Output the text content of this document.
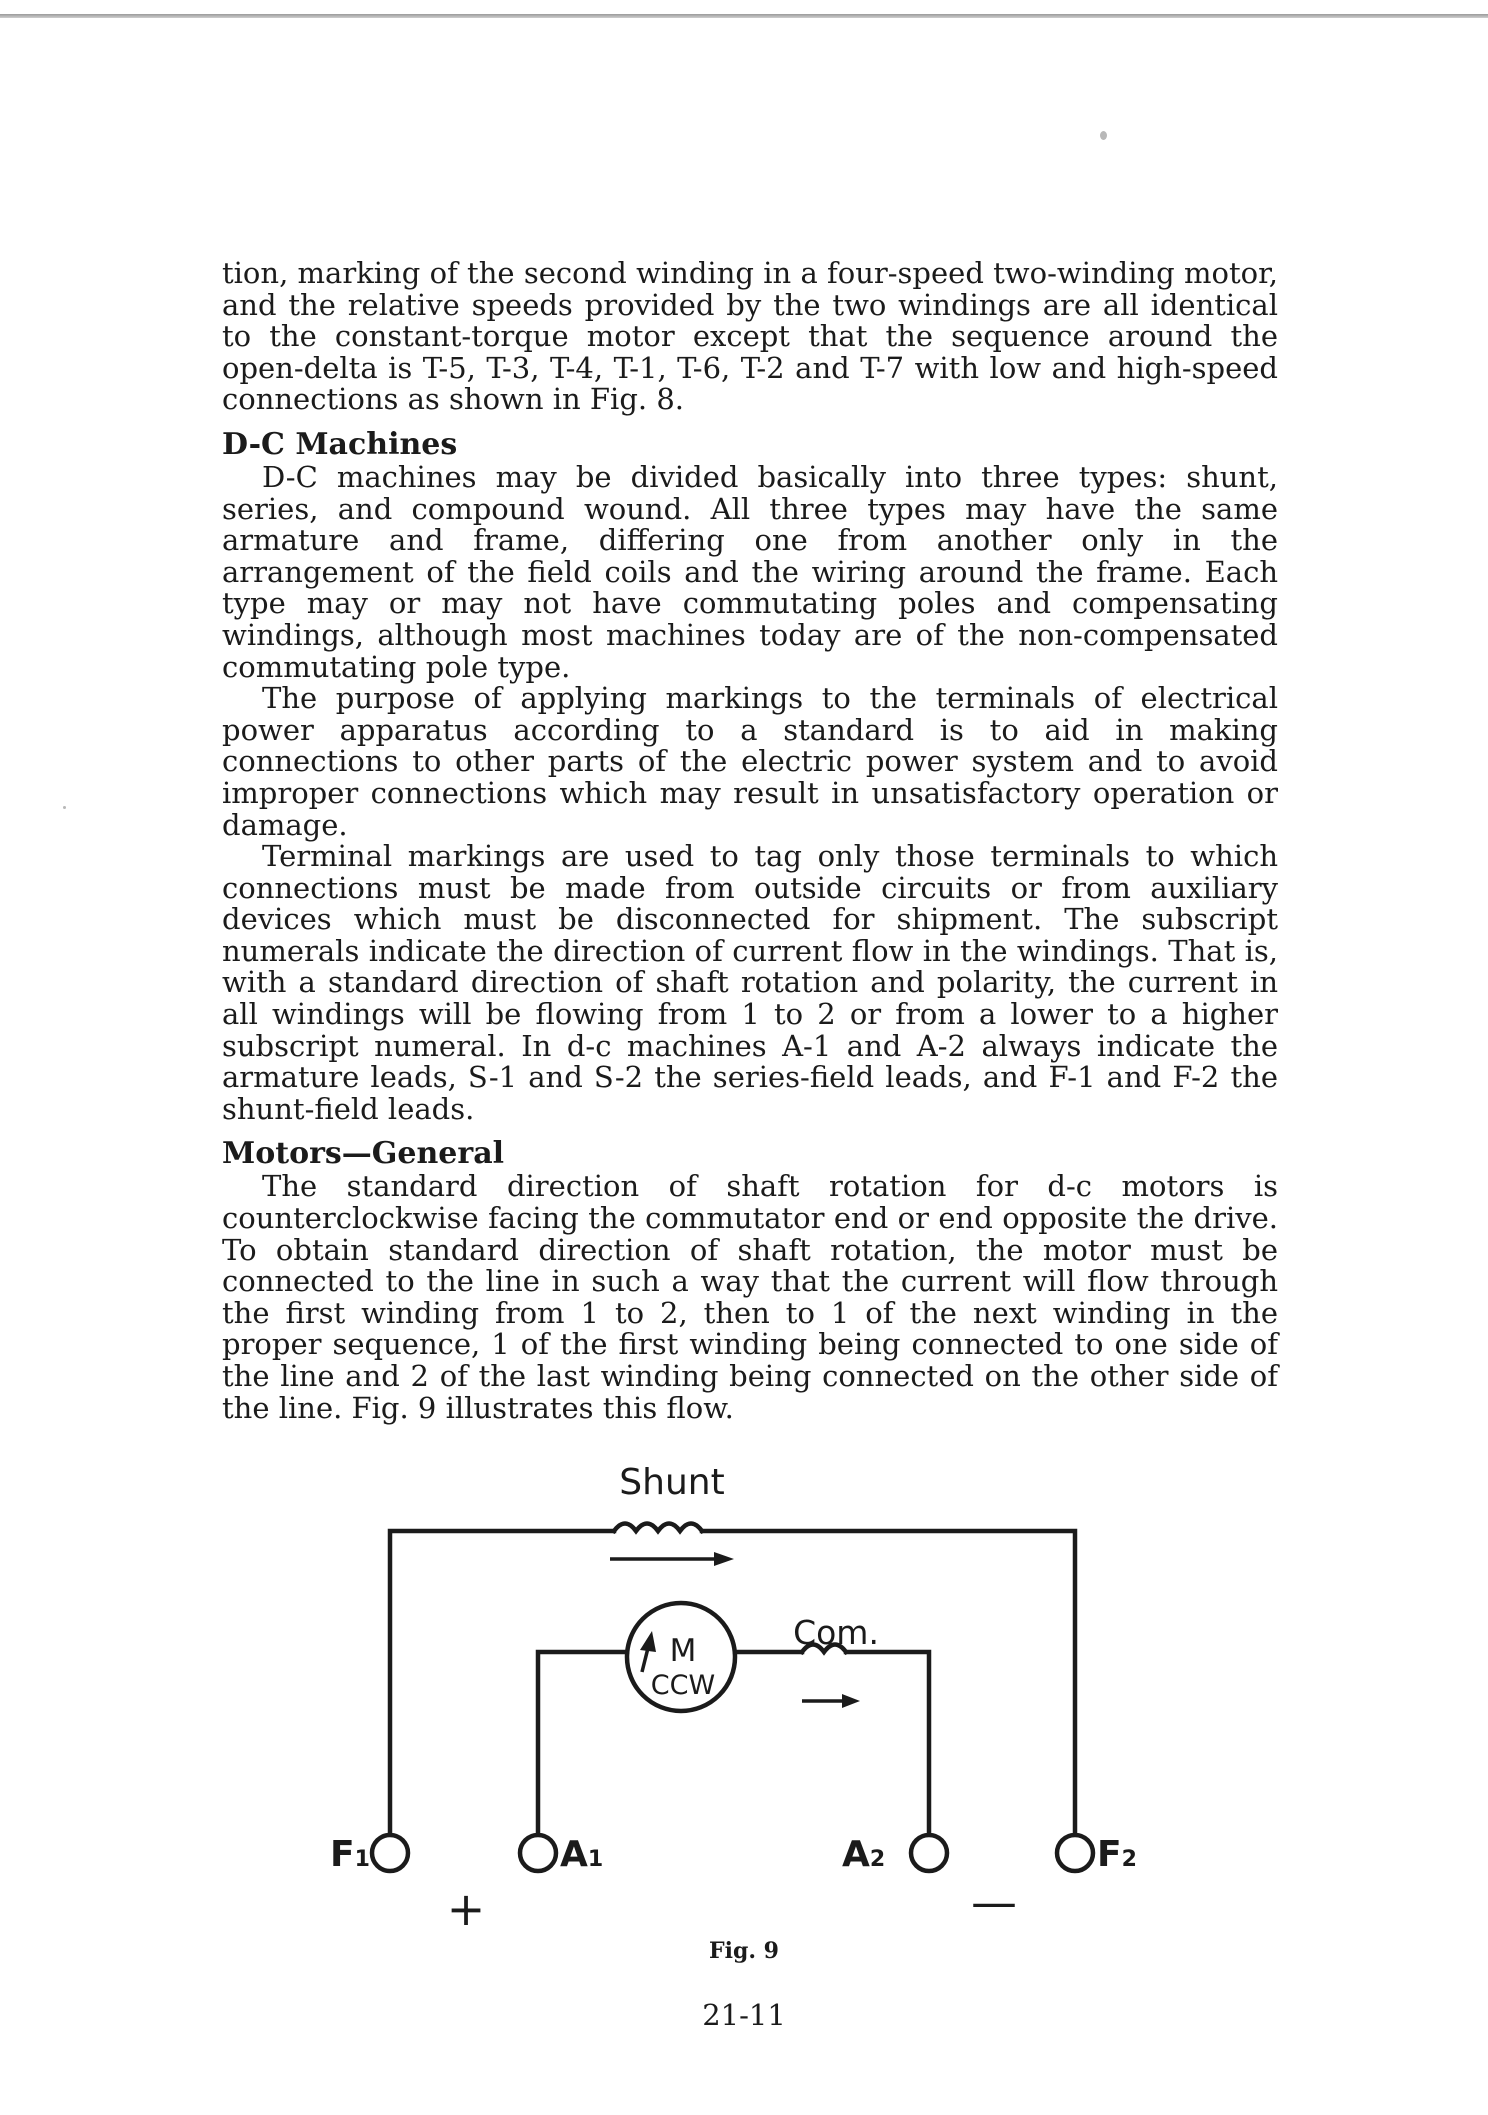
tion, marking of the second winding in a four-speed two-winding motor, and the relative speeds provided by the two windings are all identical to the constant-torque motor except that the sequence around the open-delta is T-5, T-3, T-4, T-1, T-6, T-2 and T-7 with low and high-speed connections as shown in Fig. 8.

D-C Machines

D-C machines may be divided basically into three types: shunt, series, and compound wound. All three types may have the same armature and frame, differing one from another only in the arrangement of the field coils and the wiring around the frame. Each type may or may not have commutating poles and compensating windings, although most machines today are of the non-compensated commutating pole type.

The purpose of applying markings to the terminals of electrical power apparatus according to a standard is to aid in making connections to other parts of the electric power system and to avoid improper connections which may result in unsatisfactory operation or damage.

Terminal markings are used to tag only those terminals to which connections must be made from outside circuits or from auxiliary devices which must be disconnected for shipment. The subscript numerals indicate the direction of current flow in the windings. That is, with a standard direction of shaft rotation and polarity, the current in all windings will be flowing from 1 to 2 or from a lower to a higher subscript numeral. In d-c machines A-1 and A-2 always indicate the armature leads, S-1 and S-2 the series-field leads, and F-1 and F-2 the shunt-field leads.

Motors—General

The standard direction of shaft rotation for d-c motors is counterclockwise facing the commutator end or end opposite the drive. To obtain standard direction of shaft rotation, the motor must be connected to the line in such a way that the current will flow through the first winding from 1 to 2, then to 1 of the next winding in the proper sequence, 1 of the first winding being connected to one side of the line and 2 of the last winding being connected on the other side of the line. Fig. 9 illustrates this flow.

Shunt
Com.
M
CCW
F1	A1	A2	F2
+	—
Fig. 9
21-11
